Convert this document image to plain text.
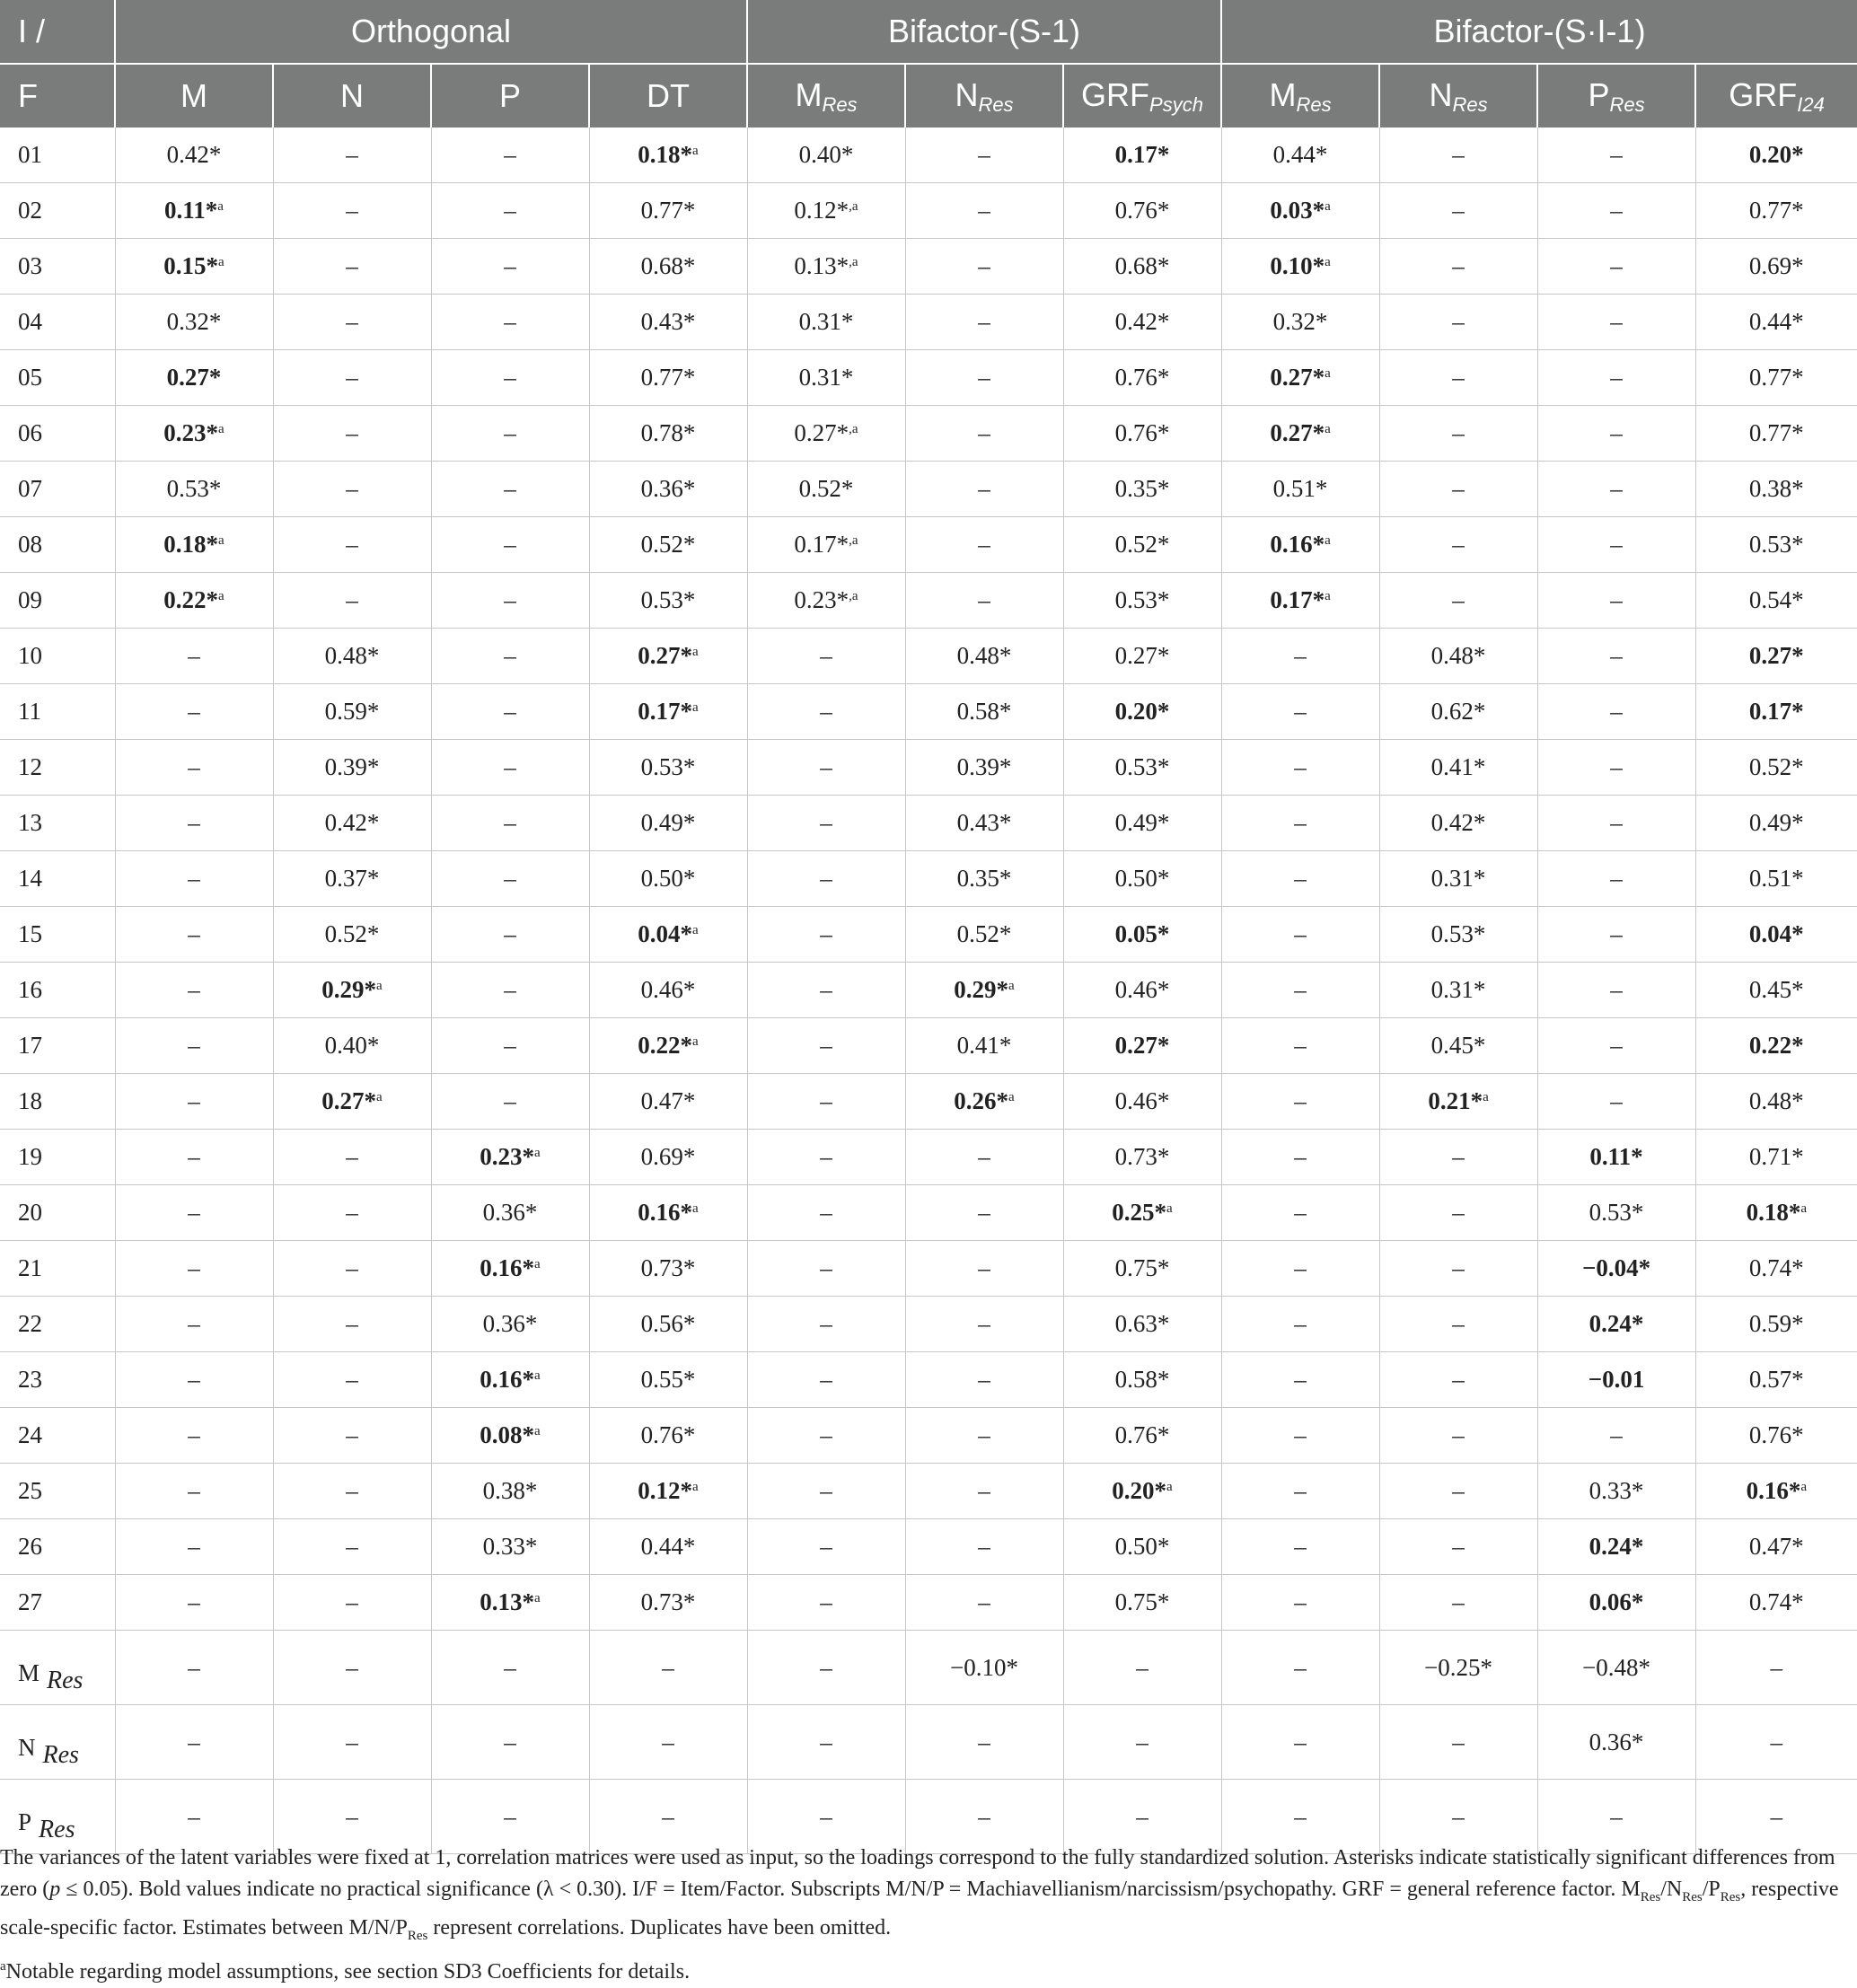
I /	Orthogonal				Bifactor-(S-1)			Bifactor-(S·I-1)			
F	M	N	P	DT	$M_{Res}$	$N_{Res}$	$GRF_{Psych}$	$M_{Res}$	$N_{Res}$	$P_{Res}$	$GRF_{I24}$
01	0.42*	–	–	0.18*$^a$	0.40*	–	0.17*	0.44*	–	–	0.20*
02	0.11*$^a$	–	–	0.77*	0.12*$^{,a}$	–	0.76*	0.03*$^a$	–	–	0.77*
03	0.15*$^a$	–	–	0.68*	0.13*$^{,a}$	–	0.68*	0.10*$^a$	–	–	0.69*
04	0.32*	–	–	0.43*	0.31*	–	0.42*	0.32*	–	–	0.44*
05	0.27*	–	–	0.77*	0.31*	–	0.76*	0.27*$^a$	–	–	0.77*
06	0.23*$^a$	–	–	0.78*	0.27*$^{,a}$	–	0.76*	0.27*$^a$	–	–	0.77*
07	0.53*	–	–	0.36*	0.52*	–	0.35*	0.51*	–	–	0.38*
08	0.18*$^a$	–	–	0.52*	0.17*$^{,a}$	–	0.52*	0.16*$^a$	–	–	0.53*
09	0.22*$^a$	–	–	0.53*	0.23*$^{,a}$	–	0.53*	0.17*$^a$	–	–	0.54*
10	–	0.48*	–	0.27*$^a$	–	0.48*	0.27*	–	0.48*	–	0.27*
11	–	0.59*	–	0.17*$^a$	–	0.58*	0.20*	–	0.62*	–	0.17*
12	–	0.39*	–	0.53*	–	0.39*	0.53*	–	0.41*	–	0.52*
13	–	0.42*	–	0.49*	–	0.43*	0.49*	–	0.42*	–	0.49*
14	–	0.37*	–	0.50*	–	0.35*	0.50*	–	0.31*	–	0.51*
15	–	0.52*	–	0.04*$^a$	–	0.52*	0.05*	–	0.53*	–	0.04*
16	–	0.29*$^a$	–	0.46*	–	0.29*$^a$	0.46*	–	0.31*	–	0.45*
17	–	0.40*	–	0.22*$^a$	–	0.41*	0.27*	–	0.45*	–	0.22*
18	–	0.27*$^a$	–	0.47*	–	0.26*$^a$	0.46*	–	0.21*$^a$	–	0.48*
19	–	–	0.23*$^a$	0.69*	–	–	0.73*	–	–	0.11*	0.71*
20	–	–	0.36*	0.16*$^a$	–	–	0.25*$^a$	–	–	0.53*	0.18*$^a$
21	–	–	0.16*$^a$	0.73*	–	–	0.75*	–	–	−0.04*	0.74*
22	–	–	0.36*	0.56*	–	–	0.63*	–	–	0.24*	0.59*
23	–	–	0.16*$^a$	0.55*	–	–	0.58*	–	–	−0.01	0.57*
24	–	–	0.08*$^a$	0.76*	–	–	0.76*	–	–	–	0.76*
25	–	–	0.38*	0.12*$^a$	–	–	0.20*$^a$	–	–	0.33*	0.16*$^a$
26	–	–	0.33*	0.44*	–	–	0.50*	–	–	0.24*	0.47*
27	–	–	0.13*$^a$	0.73*	–	–	0.75*	–	–	0.06*	0.74*
M $_{Res}$	–	–	–	–	–	−0.10*	–	–	−0.25*	−0.48*	–
N $_{Res}$	–	–	–	–	–	–	–	–	–	0.36*	–
P $_{Res}$	–	–	–	–	–	–	–	–	–	–	–

The variances of the latent variables were fixed at 1, correlation matrices were used as input, so the loadings correspond to the fully standardized solution. Asterisks indicate statistically significant differences from zero (p ≤ 0.05). Bold values indicate no practical significance (λ < 0.30). I/F = Item/Factor. Subscripts M/N/P = Machiavellianism/narcissism/psychopathy. GRF = general reference factor. $M_{Res}/N_{Res}/P_{Res}$, respective scale-specific factor. Estimates between $M/N/P_{Res}$ represent correlations. Duplicates have been omitted.

$^a$Notable regarding model assumptions, see section SD3 Coefficients for details.
